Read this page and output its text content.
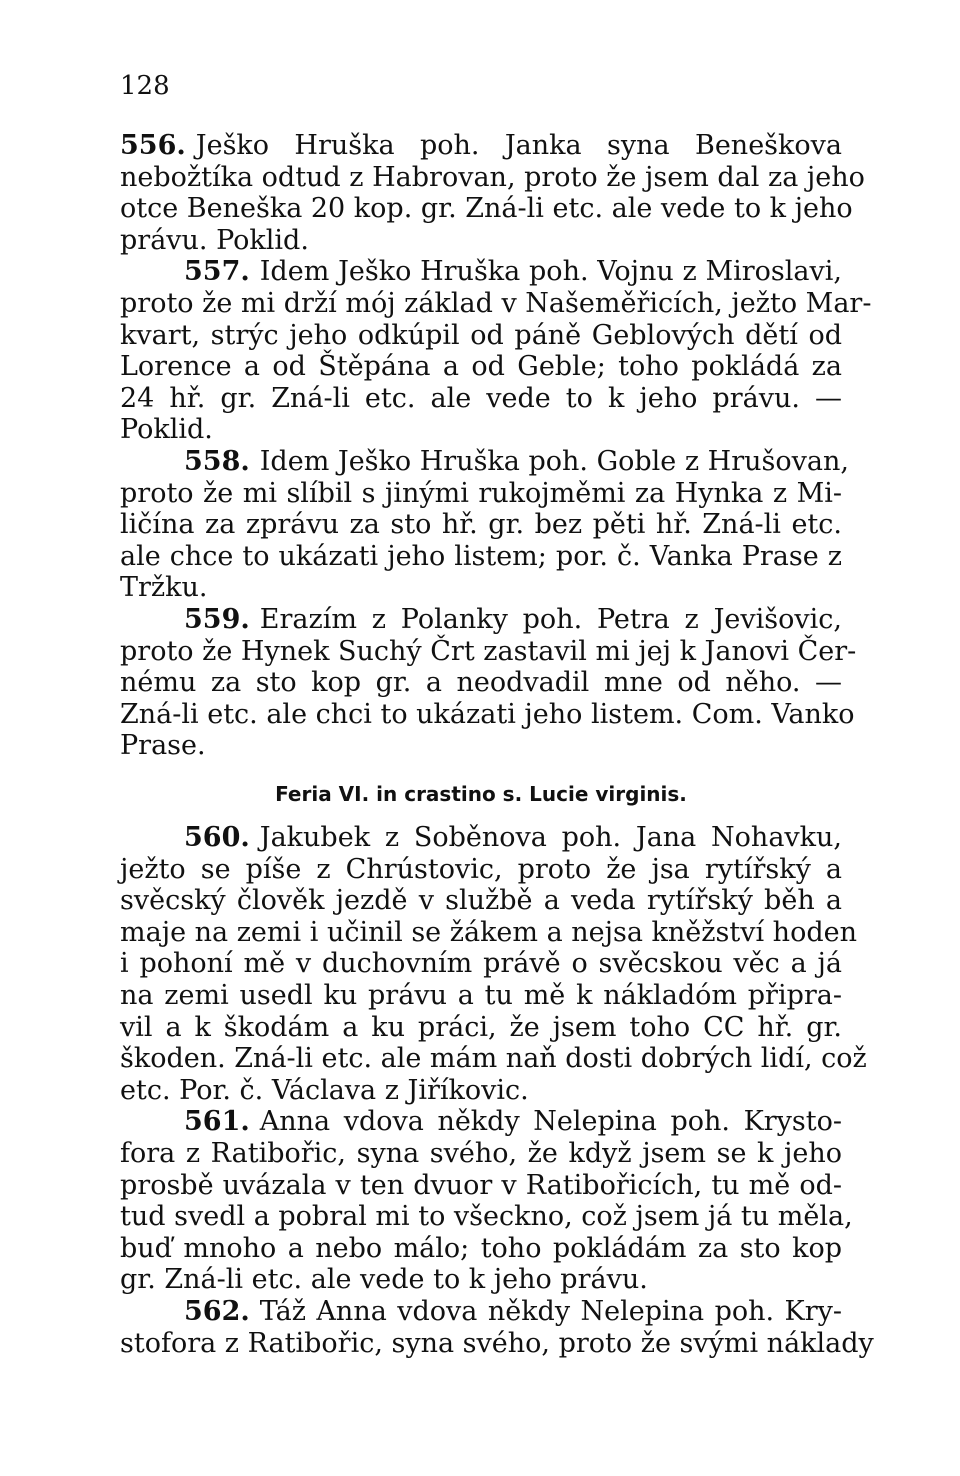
128
556. Ješko Hruška poh. Janka syna Beneškova
nebožtíka odtud z Habrovan, proto že jsem dal za jeho
otce Beneška 20 kop. gr. Zná-li etc. ale vede to k jeho
právu. Poklid.
557. Idem Ješko Hruška poh. Vojnu z Miroslavi,
proto že mi drží mój základ v Našeměřicích, ježto Mar-
kvart, strýc jeho odkúpil od páně Geblových dětí od
Lorence a od Štěpána a od Geble; toho pokládá za
24 hř. gr. Zná-li etc. ale vede to k jeho právu. —
Poklid.
558. Idem Ješko Hruška poh. Goble z Hrušovan,
proto že mi slíbil s jinými rukojměmi za Hynka z Mi-
ličína za zprávu za sto hř. gr. bez pěti hř. Zná-li etc.
ale chce to ukázati jeho listem; por. č. Vanka Prase z
Tržku.
559. Erazím z Polanky poh. Petra z Jevišovic,
proto že Hynek Suchý Črt zastavil mi jej k Janovi Čer-
nému za sto kop gr. a neodvadil mne od něho. —
Zná-li etc. ale chci to ukázati jeho listem. Com. Vanko
Prase.
Feria VI. in crastino s. Lucie virginis.
560. Jakubek z Soběnova poh. Jana Nohavku,
ježto se píše z Chrústovic, proto že jsa rytířský a
svěcský člověk jezdě v službě a veda rytířský běh a
maje na zemi i učinil se žákem a nejsa kněžství hoden
i pohoní mě v duchovním právě o svěcskou věc a já
na zemi usedl ku právu a tu mě k nákladóm připra-
vil a k škodám a ku práci, že jsem toho CC hř. gr.
škoden. Zná-li etc. ale mám naň dosti dobrých lidí, což
etc. Por. č. Václava z Jiříkovic.
561. Anna vdova někdy Nelepina poh. Krysto-
fora z Ratibořic, syna svého, že když jsem se k jeho
prosbě uvázala v ten dvuor v Ratibořicích, tu mě od-
tud svedl a pobral mi to všeckno, což jsem já tu měla,
buď mnoho a nebo málo; toho pokládám za sto kop
gr. Zná-li etc. ale vede to k jeho právu.
562. Táž Anna vdova někdy Nelepina poh. Kry-
stofora z Ratibořic, syna svého, proto že svými náklady
